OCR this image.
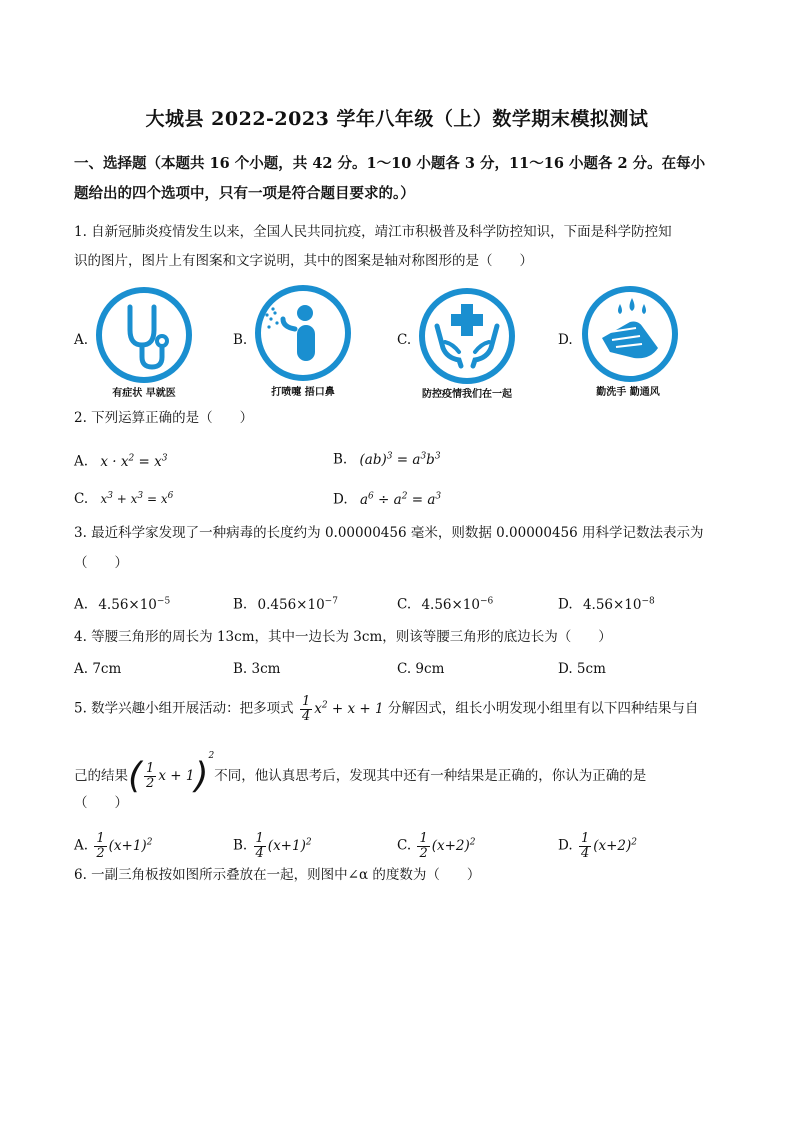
大城县 2022-2023 学年八年级（上）数学期末模拟测试
一、选择题（本题共 16 个小题，共 42 分。1～10 小题各 3 分，11～16 小题各 2 分。在每小
题给出的四个选项中，只有一项是符合题目要求的。）
1. 自新冠肺炎疫情发生以来，全国人民共同抗疫，靖江市积极普及科学防控知识，下面是科学防控知
识的图片，图片上有图案和文字说明，其中的图案是轴对称图形的是（　　）
A.
有症状 早就医
B.
打喷嚏 捂口鼻
C.
防控疫情我们在一起
D.
勤洗手 勤通风
2. 下列运算正确的是（　　）
A. $x \cdot x^2 = x^3$	B. $(ab)^3 = a^3b^3$
C. $x^3 + x^3 = x^6$	D. $a^6 \div a^2 = a^3$
3. 最近科学家发现了一种病毒的长度约为 0.00000456 毫米，则数据 0.00000456 用科学记数法表示为
（　　）
A. $4.56\times 10^{-5}$	B. $0.456\times 10^{-7}$	C. $4.56\times 10^{-6}$	D. $4.56\times 10^{-8}$
4. 等腰三角形的周长为 13cm，其中一边长为 3cm，则该等腰三角形的底边长为（　　）
A. 7cm	B. 3cm	C. 9cm	D. 5cm
5. 数学兴趣小组开展活动：把多项式 $\frac{1}{4} x^2 + x + 1$ 分解因式，组长小明发现小组里有以下四种结果与自
己的结果( $\frac{1}{2}$ x + 1)$^2$不同，他认真思考后，发现其中还有一种结果是正确的，你认为正确的是
（　　）
A. $\frac{1}{2} (x+1)^2$	B. $\frac{1}{4} (x+1)^2$	C. $\frac{1}{2} (x+2)^2$	D. $\frac{1}{4} (x+2)^2$
6. 一副三角板按如图所示叠放在一起，则图中∠α 的度数为（　　）
